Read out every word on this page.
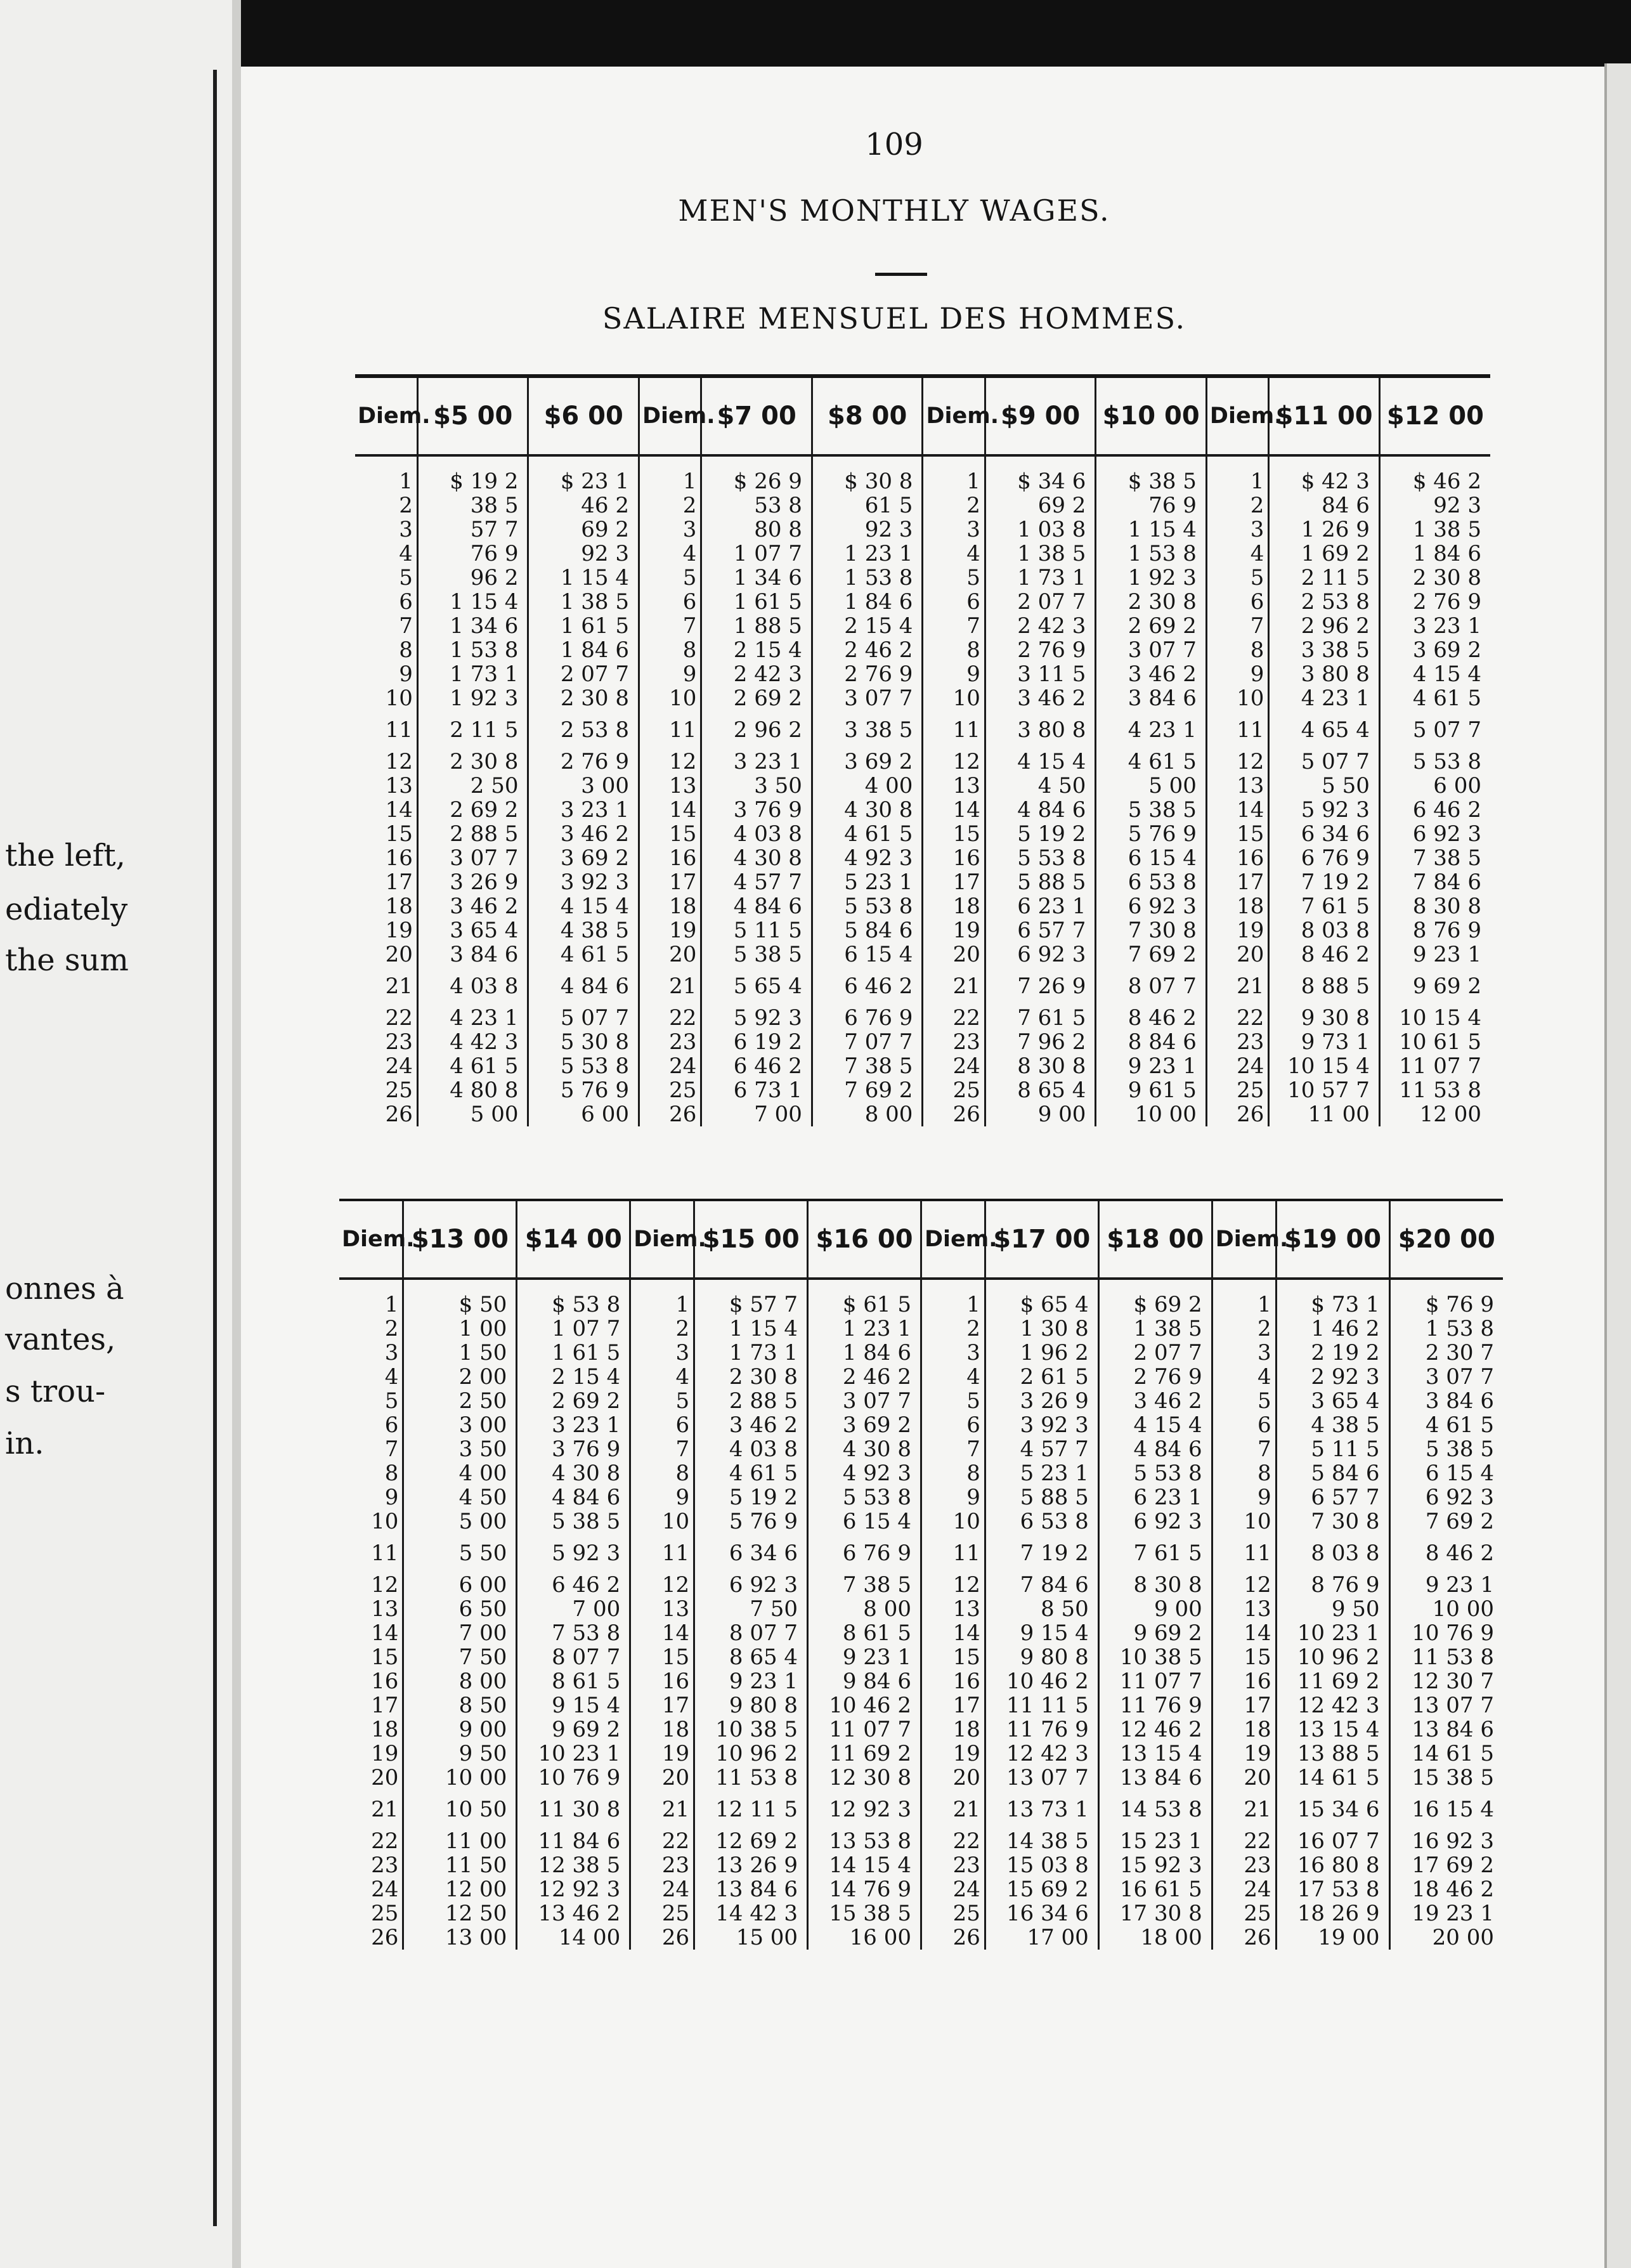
the left,
ediately
the sum
onnes à
vantes,
s trou-
in.
109
MEN'S MONTHLY WAGES.
SALAIRE MENSUEL DES HOMMES.
Diem.	$5 00	$6 00	Diem.	$7 00	$8 00	Diem.	$9 00	$10 00	Diem.	$11 00	$12 00
1	$ 19 2	$ 23 1	1	$ 26 9	$ 30 8	1	$ 34 6	$ 38 5	1	$ 42 3	$ 46 2
2	38 5	46 2	2	53 8	61 5	2	69 2	76 9	2	84 6	92 3
3	57 7	69 2	3	80 8	92 3	3	1 03 8	1 15 4	3	1 26 9	1 38 5
4	76 9	92 3	4	1 07 7	1 23 1	4	1 38 5	1 53 8	4	1 69 2	1 84 6
5	96 2	1 15 4	5	1 34 6	1 53 8	5	1 73 1	1 92 3	5	2 11 5	2 30 8
6	1 15 4	1 38 5	6	1 61 5	1 84 6	6	2 07 7	2 30 8	6	2 53 8	2 76 9
7	1 34 6	1 61 5	7	1 88 5	2 15 4	7	2 42 3	2 69 2	7	2 96 2	3 23 1
8	1 53 8	1 84 6	8	2 15 4	2 46 2	8	2 76 9	3 07 7	8	3 38 5	3 69 2
9	1 73 1	2 07 7	9	2 42 3	2 76 9	9	3 11 5	3 46 2	9	3 80 8	4 15 4
10	1 92 3	2 30 8	10	2 69 2	3 07 7	10	3 46 2	3 84 6	10	4 23 1	4 61 5
11	2 11 5	2 53 8	11	2 96 2	3 38 5	11	3 80 8	4 23 1	11	4 65 4	5 07 7
12	2 30 8	2 76 9	12	3 23 1	3 69 2	12	4 15 4	4 61 5	12	5 07 7	5 53 8
13	2 50	3 00	13	3 50	4 00	13	4 50	5 00	13	5 50	6 00
14	2 69 2	3 23 1	14	3 76 9	4 30 8	14	4 84 6	5 38 5	14	5 92 3	6 46 2
15	2 88 5	3 46 2	15	4 03 8	4 61 5	15	5 19 2	5 76 9	15	6 34 6	6 92 3
16	3 07 7	3 69 2	16	4 30 8	4 92 3	16	5 53 8	6 15 4	16	6 76 9	7 38 5
17	3 26 9	3 92 3	17	4 57 7	5 23 1	17	5 88 5	6 53 8	17	7 19 2	7 84 6
18	3 46 2	4 15 4	18	4 84 6	5 53 8	18	6 23 1	6 92 3	18	7 61 5	8 30 8
19	3 65 4	4 38 5	19	5 11 5	5 84 6	19	6 57 7	7 30 8	19	8 03 8	8 76 9
20	3 84 6	4 61 5	20	5 38 5	6 15 4	20	6 92 3	7 69 2	20	8 46 2	9 23 1
21	4 03 8	4 84 6	21	5 65 4	6 46 2	21	7 26 9	8 07 7	21	8 88 5	9 69 2
22	4 23 1	5 07 7	22	5 92 3	6 76 9	22	7 61 5	8 46 2	22	9 30 8	10 15 4
23	4 42 3	5 30 8	23	6 19 2	7 07 7	23	7 96 2	8 84 6	23	9 73 1	10 61 5
24	4 61 5	5 53 8	24	6 46 2	7 38 5	24	8 30 8	9 23 1	24	10 15 4	11 07 7
25	4 80 8	5 76 9	25	6 73 1	7 69 2	25	8 65 4	9 61 5	25	10 57 7	11 53 8
26	5 00	6 00	26	7 00	8 00	26	9 00	10 00	26	11 00	12 00
Diem.	$13 00	$14 00	Diem.	$15 00	$16 00	Diem.	$17 00	$18 00	Diem.	$19 00	$20 00
1	$ 50	$ 53 8	1	$ 57 7	$ 61 5	1	$ 65 4	$ 69 2	1	$ 73 1	$ 76 9
2	1 00	1 07 7	2	1 15 4	1 23 1	2	1 30 8	1 38 5	2	1 46 2	1 53 8
3	1 50	1 61 5	3	1 73 1	1 84 6	3	1 96 2	2 07 7	3	2 19 2	2 30 7
4	2 00	2 15 4	4	2 30 8	2 46 2	4	2 61 5	2 76 9	4	2 92 3	3 07 7
5	2 50	2 69 2	5	2 88 5	3 07 7	5	3 26 9	3 46 2	5	3 65 4	3 84 6
6	3 00	3 23 1	6	3 46 2	3 69 2	6	3 92 3	4 15 4	6	4 38 5	4 61 5
7	3 50	3 76 9	7	4 03 8	4 30 8	7	4 57 7	4 84 6	7	5 11 5	5 38 5
8	4 00	4 30 8	8	4 61 5	4 92 3	8	5 23 1	5 53 8	8	5 84 6	6 15 4
9	4 50	4 84 6	9	5 19 2	5 53 8	9	5 88 5	6 23 1	9	6 57 7	6 92 3
10	5 00	5 38 5	10	5 76 9	6 15 4	10	6 53 8	6 92 3	10	7 30 8	7 69 2
11	5 50	5 92 3	11	6 34 6	6 76 9	11	7 19 2	7 61 5	11	8 03 8	8 46 2
12	6 00	6 46 2	12	6 92 3	7 38 5	12	7 84 6	8 30 8	12	8 76 9	9 23 1
13	6 50	7 00	13	7 50	8 00	13	8 50	9 00	13	9 50	10 00
14	7 00	7 53 8	14	8 07 7	8 61 5	14	9 15 4	9 69 2	14	10 23 1	10 76 9
15	7 50	8 07 7	15	8 65 4	9 23 1	15	9 80 8	10 38 5	15	10 96 2	11 53 8
16	8 00	8 61 5	16	9 23 1	9 84 6	16	10 46 2	11 07 7	16	11 69 2	12 30 7
17	8 50	9 15 4	17	9 80 8	10 46 2	17	11 11 5	11 76 9	17	12 42 3	13 07 7
18	9 00	9 69 2	18	10 38 5	11 07 7	18	11 76 9	12 46 2	18	13 15 4	13 84 6
19	9 50	10 23 1	19	10 96 2	11 69 2	19	12 42 3	13 15 4	19	13 88 5	14 61 5
20	10 00	10 76 9	20	11 53 8	12 30 8	20	13 07 7	13 84 6	20	14 61 5	15 38 5
21	10 50	11 30 8	21	12 11 5	12 92 3	21	13 73 1	14 53 8	21	15 34 6	16 15 4
22	11 00	11 84 6	22	12 69 2	13 53 8	22	14 38 5	15 23 1	22	16 07 7	16 92 3
23	11 50	12 38 5	23	13 26 9	14 15 4	23	15 03 8	15 92 3	23	16 80 8	17 69 2
24	12 00	12 92 3	24	13 84 6	14 76 9	24	15 69 2	16 61 5	24	17 53 8	18 46 2
25	12 50	13 46 2	25	14 42 3	15 38 5	25	16 34 6	17 30 8	25	18 26 9	19 23 1
26	13 00	14 00	26	15 00	16 00	26	17 00	18 00	26	19 00	20 00
